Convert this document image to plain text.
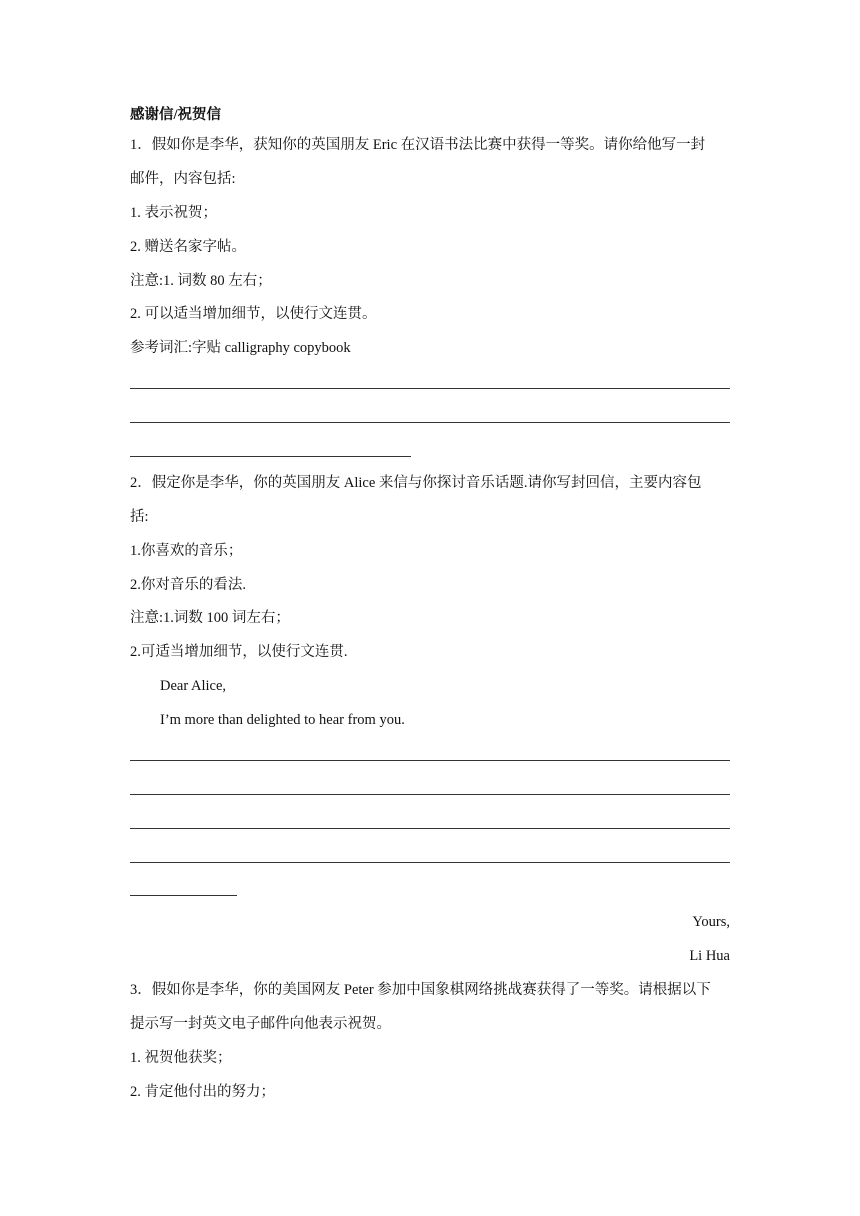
感谢信/祝贺信
1．假如你是李华，获知你的英国朋友 Eric 在汉语书法比赛中获得一等奖。请你给他写一封
邮件，内容包括:
1. 表示祝贺；
2. 赠送名家字帖。
注意:1. 词数 80 左右；
2. 可以适当增加细节，以使行文连贯。
参考词汇:字贴 calligraphy copybook
2．假定你是李华，你的英国朋友 Alice 来信与你探讨音乐话题.请你写封回信，主要内容包
括:
1.你喜欢的音乐；
2.你对音乐的看法.
注意:1.词数 100 词左右；
2.可适当增加细节，以使行文连贯.
Dear Alice,
I’m more than delighted to hear from you.
Yours,
Li Hua
3．假如你是李华，你的美国网友 Peter 参加中国象棋网络挑战赛获得了一等奖。请根据以下
提示写一封英文电子邮件向他表示祝贺。
1. 祝贺他获奖；
2. 肯定他付出的努力；
